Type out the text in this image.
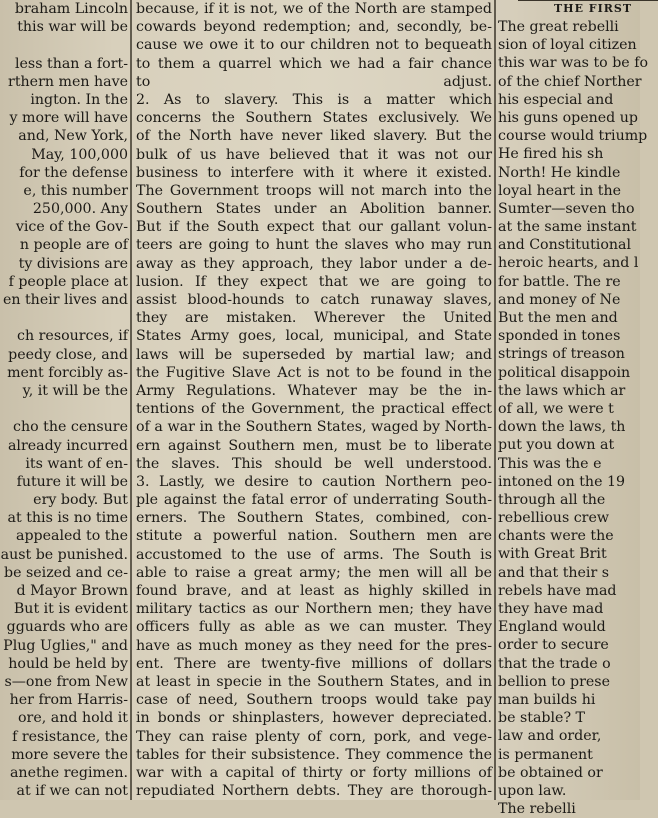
braham Lincoln
this war will be

less than a fort-
rthern men have
ington. In the
y more will have
and, New York,
May, 100,000
for the defense
e, this number
250,000. Any
vice of the Gov-
n people are of
ty divisions are
f people place at
en their lives and

ch resources, if
peedy close, and
ment forcibly as-
y, it will be the

cho the censure
already incurred
its want of en-
future it will be
ery body. But
at this is no time
appealed to the
aust be punished.
be seized and ce-
d Mayor Brown
But it is evident
gguards who are
Plug Uglies," and
hould be held by
s—one from New
her from Harris-
ore, and hold it
f resistance, the
more severe the
anethe regimen.
at if we can not
because, if it is not, we of the North are stamped
cowards beyond redemption; and, secondly, be-
cause we owe it to our children not to bequeath
to them a quarrel which we had a fair chance
to adjust.
2. As to slavery. This is a matter which
concerns the Southern States exclusively. We
of the North have never liked slavery. But the
bulk of us have believed that it was not our
business to interfere with it where it existed.
The Government troops will not march into the
Southern States under an Abolition banner.
But if the South expect that our gallant volun-
teers are going to hunt the slaves who may run
away as they approach, they labor under a de-
lusion. If they expect that we are going to
assist blood-hounds to catch runaway slaves,
they are mistaken. Wherever the United
States Army goes, local, municipal, and State
laws will be superseded by martial law; and
the Fugitive Slave Act is not to be found in the
Army Regulations. Whatever may be the in-
tentions of the Government, the practical effect
of a war in the Southern States, waged by North-
ern against Southern men, must be to liberate
the slaves. This should be well understood.
3. Lastly, we desire to caution Northern peo-
ple against the fatal error of underrating South-
erners. The Southern States, combined, con-
stitute a powerful nation. Southern men are
accustomed to the use of arms. The South is
able to raise a great army; the men will all be
found brave, and at least as highly skilled in
military tactics as our Northern men; they have
officers fully as able as we can muster. They
have as much money as they need for the pres-
ent. There are twenty-five millions of dollars
at least in specie in the Southern States, and in
case of need, Southern troops would take pay
in bonds or shinplasters, however depreciated.
They can raise plenty of corn, pork, and vege-
tables for their subsistence. They commence the
war with a capital of thirty or forty millions of
repudiated Northern debts. They are thorough-
THE FIRST
The great rebelli
sion of loyal citizen
this war was to be fo
of the chief Norther
his especial and
his guns opened up
course would triump
He fired his sh
North! He kindle
loyal heart in the
Sumter—seven tho
at the same instant
and Constitutional
heroic hearts, and l
for battle. The re
and money of Ne
But the men and
sponded in tones
strings of treason
political disappoin
the laws which ar
of all, we were t
down the laws, th
put you down at
This was the e
intoned on the 19
through all the
rebellious crew
chants were the
with Great Brit
and that their s
rebels have mad
they have mad
England would
order to secure
that the trade o
bellion to prese
man builds hi
be stable? T
law and order,
is permanent
be obtained or
upon law.
The rebelli
